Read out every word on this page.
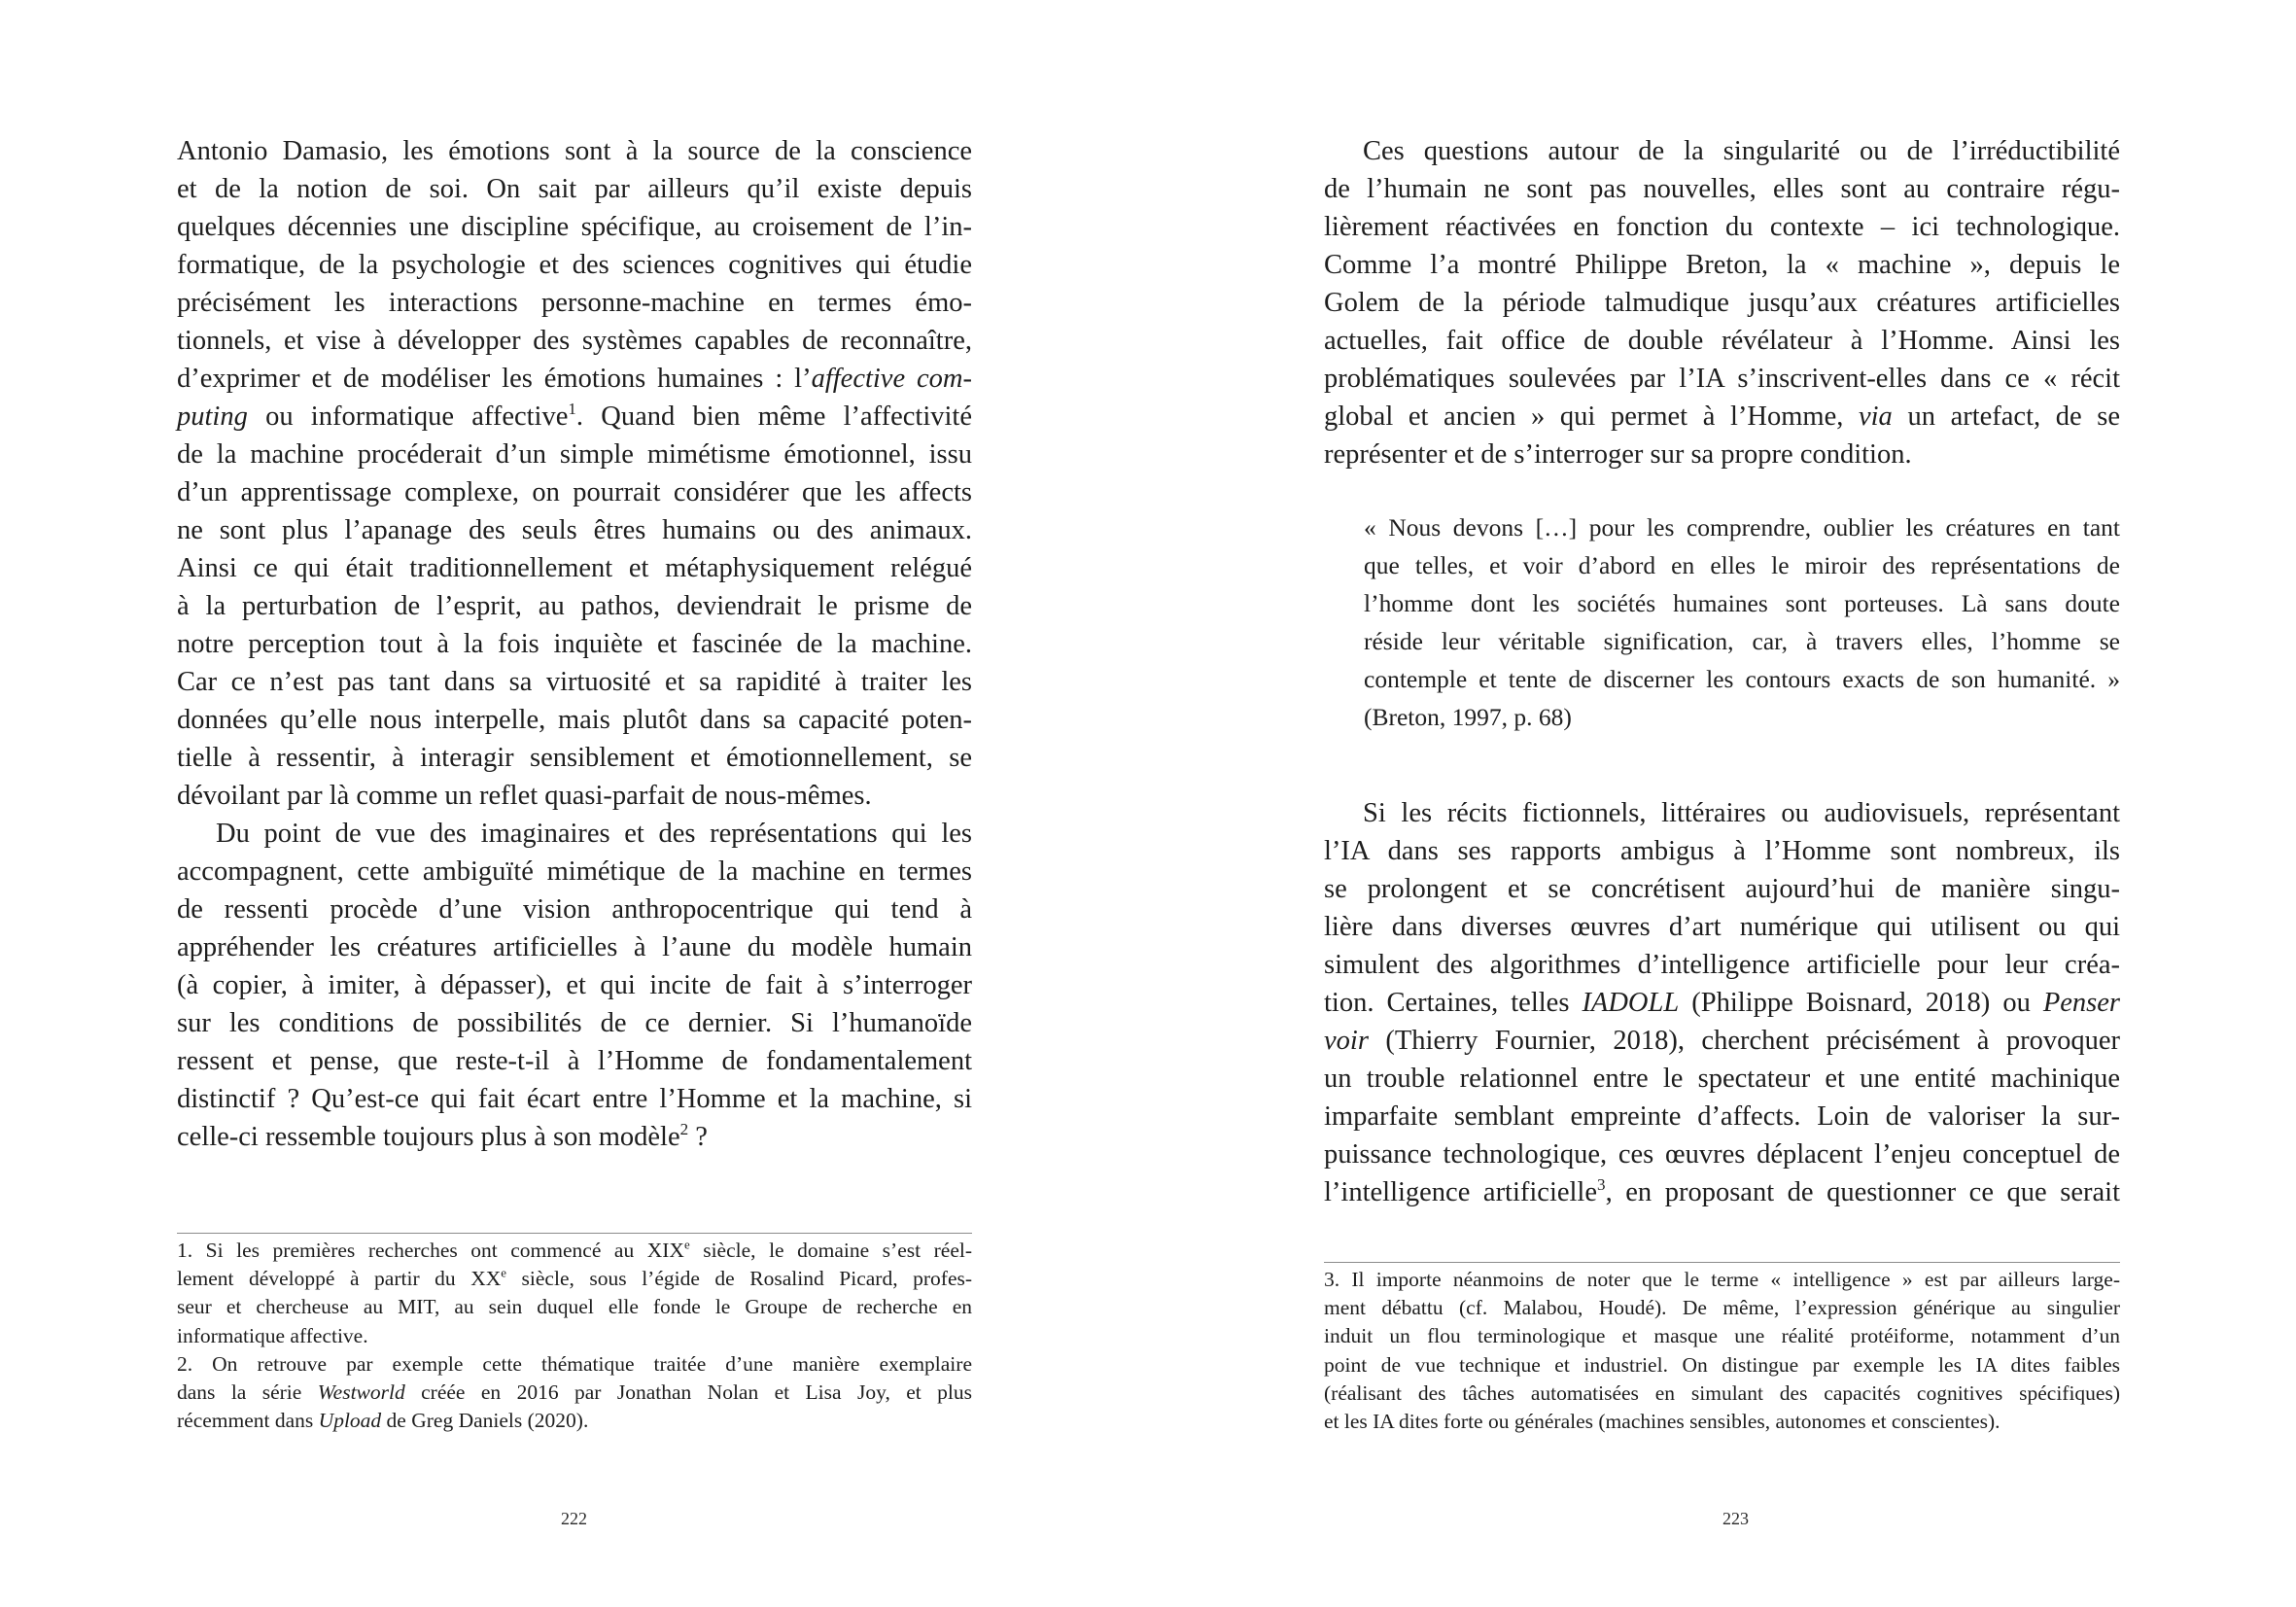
Antonio Damasio, les émotions sont à la source de la conscience
et de la notion de soi. On sait par ailleurs qu’il existe depuis
quelques décennies une discipline spécifique, au croisement de l’in-
formatique, de la psychologie et des sciences cognitives qui étudie
précisément les interactions personne-machine en termes émo-
tionnels, et vise à développer des systèmes capables de reconnaître,
d’exprimer et de modéliser les émotions humaines : l’affective com-
puting ou informatique affective$^1$. Quand bien même l’affectivité
de la machine procéderait d’un simple mimétisme émotionnel, issu
d’un apprentissage complexe, on pourrait considérer que les affects
ne sont plus l’apanage des seuls êtres humains ou des animaux.
Ainsi ce qui était traditionnellement et métaphysiquement relégué
à la perturbation de l’esprit, au pathos, deviendrait le prisme de
notre perception tout à la fois inquiète et fascinée de la machine.
Car ce n’est pas tant dans sa virtuosité et sa rapidité à traiter les
données qu’elle nous interpelle, mais plutôt dans sa capacité poten-
tielle à ressentir, à interagir sensiblement et émotionnellement, se
dévoilant par là comme un reflet quasi-parfait de nous-mêmes.
Du point de vue des imaginaires et des représentations qui les
accompagnent, cette ambiguïté mimétique de la machine en termes
de ressenti procède d’une vision anthropocentrique qui tend à
appréhender les créatures artificielles à l’aune du modèle humain
(à copier, à imiter, à dépasser), et qui incite de fait à s’interroger
sur les conditions de possibilités de ce dernier. Si l’humanoïde
ressent et pense, que reste-t-il à l’Homme de fondamentalement
distinctif ? Qu’est-ce qui fait écart entre l’Homme et la machine, si
celle-ci ressemble toujours plus à son modèle$^2$ ?
1. Si les premières recherches ont commencé au XIXe siècle, le domaine s’est réel-
lement développé à partir du XXe siècle, sous l’égide de Rosalind Picard, profes-
seur et chercheuse au MIT, au sein duquel elle fonde le Groupe de recherche en
informatique affective.
2. On retrouve par exemple cette thématique traitée d’une manière exemplaire
dans la série Westworld créée en 2016 par Jonathan Nolan et Lisa Joy, et plus
récemment dans Upload de Greg Daniels (2020).
222
Ces questions autour de la singularité ou de l’irréductibilité
de l’humain ne sont pas nouvelles, elles sont au contraire régu-
lièrement réactivées en fonction du contexte – ici technologique.
Comme l’a montré Philippe Breton, la « machine », depuis le
Golem de la période talmudique jusqu’aux créatures artificielles
actuelles, fait office de double révélateur à l’Homme. Ainsi les
problématiques soulevées par l’IA s’inscrivent-elles dans ce « récit
global et ancien » qui permet à l’Homme, via un artefact, de se
représenter et de s’interroger sur sa propre condition.
Si les récits fictionnels, littéraires ou audiovisuels, représentant
l’IA dans ses rapports ambigus à l’Homme sont nombreux, ils
se prolongent et se concrétisent aujourd’hui de manière singu-
lière dans diverses œuvres d’art numérique qui utilisent ou qui
simulent des algorithmes d’intelligence artificielle pour leur créa-
tion. Certaines, telles IADOLL (Philippe Boisnard, 2018) ou Penser
voir (Thierry Fournier, 2018), cherchent précisément à provoquer
un trouble relationnel entre le spectateur et une entité machinique
imparfaite semblant empreinte d’affects. Loin de valoriser la sur-
puissance technologique, ces œuvres déplacent l’enjeu conceptuel de
l’intelligence artificielle$^3$, en proposant de questionner ce que serait
« Nous devons […] pour les comprendre, oublier les créatures en tant
que telles, et voir d’abord en elles le miroir des représentations de
l’homme dont les sociétés humaines sont porteuses. Là sans doute
réside leur véritable signification, car, à travers elles, l’homme se
contemple et tente de discerner les contours exacts de son humanité. »
(Breton, 1997, p. 68)
3. Il importe néanmoins de noter que le terme « intelligence » est par ailleurs large-
ment débattu (cf. Malabou, Houdé). De même, l’expression générique au singulier
induit un flou terminologique et masque une réalité protéiforme, notamment d’un
point de vue technique et industriel. On distingue par exemple les IA dites faibles
(réalisant des tâches automatisées en simulant des capacités cognitives spécifiques)
et les IA dites forte ou générales (machines sensibles, autonomes et conscientes).
223
